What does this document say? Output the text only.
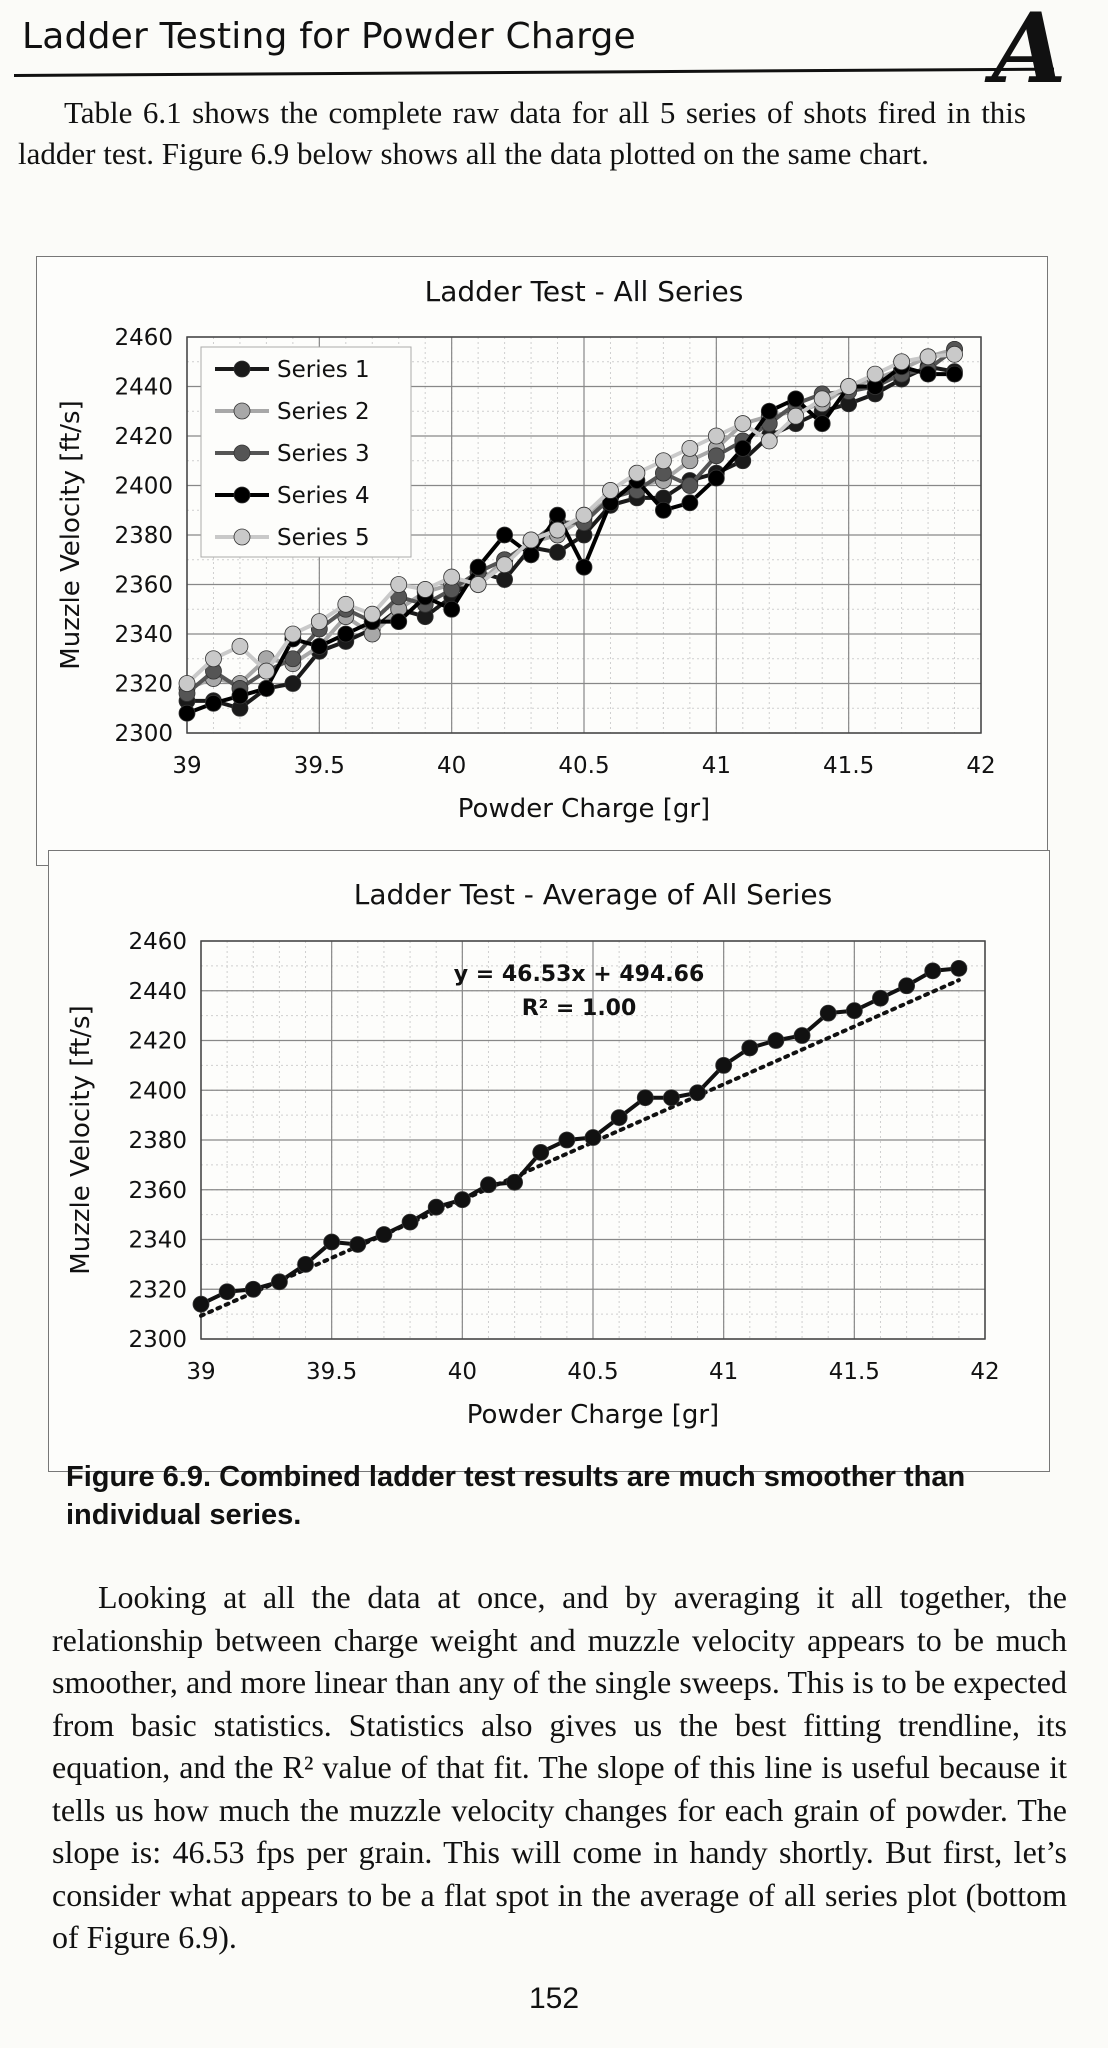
Ladder Testing for Powder Charge	A
Table 6.1 shows the complete raw data for all 5 series of shots fired in this ladder test. Figure 6.9 below shows all the data plotted on the same chart.
Ladder Test - All Series
39	39.5	40	40.5	41	41.5	42
2300
2320
2340
2360
2380
2400
2420
2440
2460
Powder Charge [gr]
Muzzle Velocity [ft/s]
Series 1
Series 2
Series 3
Series 4
Series 5
Ladder Test - Average of All Series
39	39.5	40	40.5	41	41.5	42
2300
2320
2340
2360
2380
2400
2420
2440
2460
Powder Charge [gr]
Muzzle Velocity [ft/s]
y = 46.53x + 494.66
R² = 1.00
Figure 6.9. Combined ladder test results are much smoother than individual series.
Looking at all the data at once, and by averaging it all together, the relationship between charge weight and muzzle velocity appears to be much smoother, and more linear than any of the single sweeps. This is to be expected from basic statistics. Statistics also gives us the best fitting trendline, its equation, and the R² value of that fit. The slope of this line is useful because it tells us how much the muzzle velocity changes for each grain of powder. The slope is: 46.53 fps per grain. This will come in handy shortly. But first, let’s consider what appears to be a flat spot in the average of all series plot (bottom of Figure 6.9).
152
